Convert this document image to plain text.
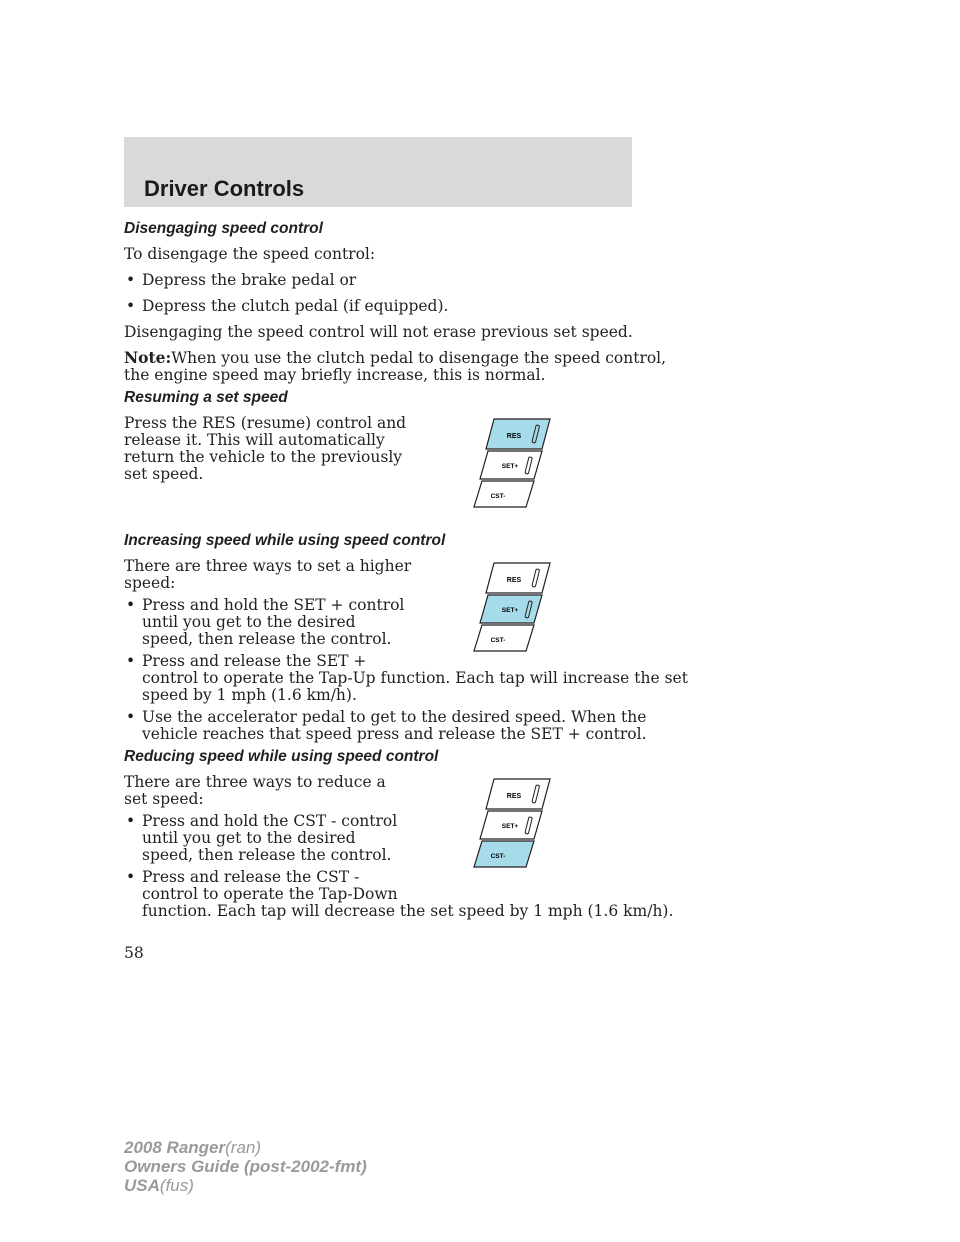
Driver Controls
Disengaging speed control
To disengage the speed control:
• Depress the brake pedal or
• Depress the clutch pedal (if equipped).
Disengaging the speed control will not erase previous set speed.
Note:When you use the clutch pedal to disengage the speed control,
the engine speed may briefly increase, this is normal.
Resuming a set speed
Press the RES (resume) control and
release it. This will automatically
return the vehicle to the previously
set speed.
Increasing speed while using speed control
There are three ways to set a higher
speed:
• Press and hold the SET + control
until you get to the desired
speed, then release the control.
• Press and release the SET +
control to operate the Tap-Up function. Each tap will increase the set
speed by 1 mph (1.6 km/h).
• Use the accelerator pedal to get to the desired speed. When the
vehicle reaches that speed press and release the SET + control.
Reducing speed while using speed control
There are three ways to reduce a
set speed:
• Press and hold the CST - control
until you get to the desired
speed, then release the control.
• Press and release the CST -
control to operate the Tap-Down
function. Each tap will decrease the set speed by 1 mph (1.6 km/h).
RES
SET+
CST-
RES
SET+
CST-
RES
SET+
CST-
58
2008 Ranger(ran)
Owners Guide (post-2002-fmt)
USA(fus)
